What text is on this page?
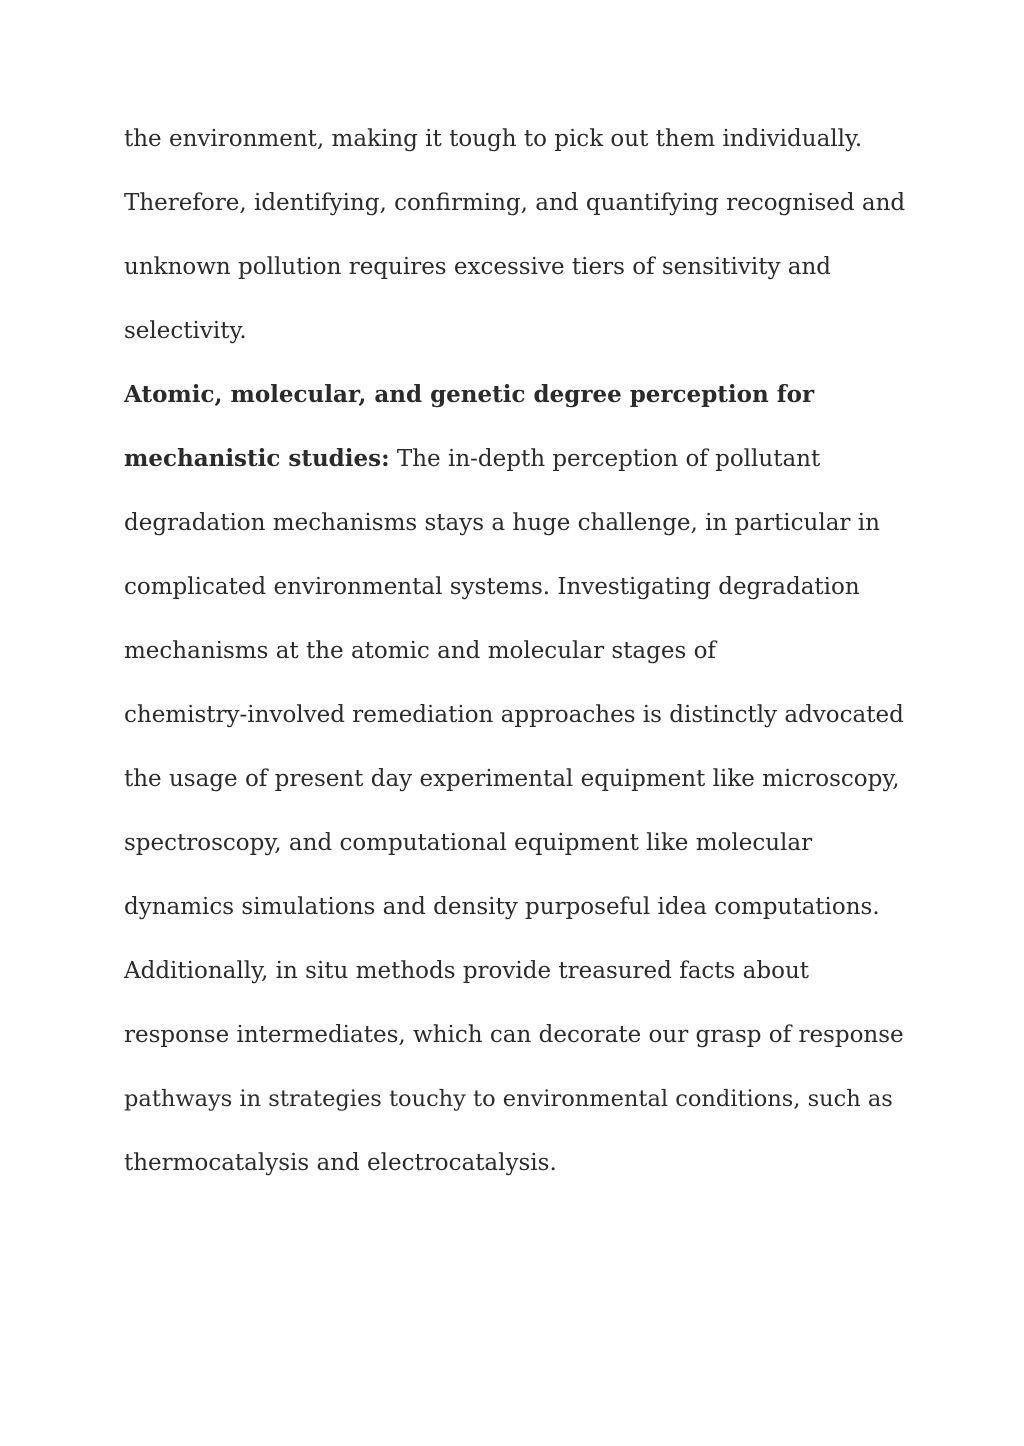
the environment, making it tough to pick out them individually.
Therefore, identifying, confirming, and quantifying recognised and
unknown pollution requires excessive tiers of sensitivity and
selectivity.
Atomic, molecular, and genetic degree perception for
mechanistic studies: The in-depth perception of pollutant
degradation mechanisms stays a huge challenge, in particular in
complicated environmental systems. Investigating degradation
mechanisms at the atomic and molecular stages of
chemistry-involved remediation approaches is distinctly advocated
the usage of present day experimental equipment like microscopy,
spectroscopy, and computational equipment like molecular
dynamics simulations and density purposeful idea computations.
Additionally, in situ methods provide treasured facts about
response intermediates, which can decorate our grasp of response
pathways in strategies touchy to environmental conditions, such as
thermocatalysis and electrocatalysis.
